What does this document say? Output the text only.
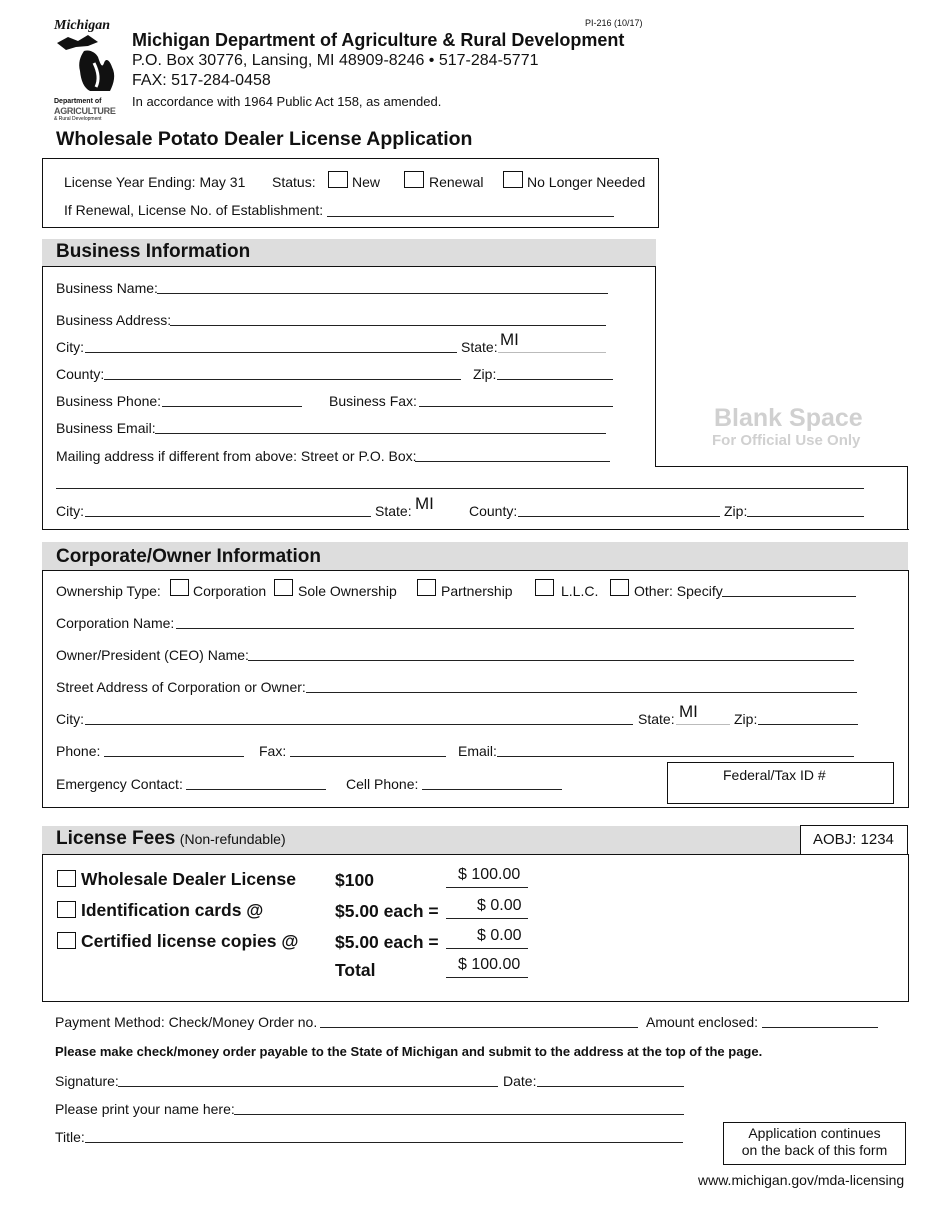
PI-216 (10/17)
Michigan
Department of
AGRICULTURE
& Rural Development
Michigan Department of Agriculture & Rural Development
P.O. Box 30776, Lansing, MI 48909-8246 • 517-284-5771
FAX: 517-284-0458
In accordance with 1964 Public Act 158, as amended.
Wholesale Potato Dealer License Application
License Year Ending: May 31 Status:	New	Renewal	No Longer Needed
If Renewal, License No. of Establishment:
Business Information
Business Name:
Business Address:
City:	State: MI
County:	Zip:
Business Phone:	Business Fax:
Business Email:
Mailing address if different from above: Street or P.O. Box:
City:	State: MI	County:	Zip:
Blank Space
For Official Use Only
Corporate/Owner Information
Ownership Type: Corporation Sole Ownership	Partnership	L.L.C.	Other: Specify
Corporation Name:
Owner/President (CEO) Name:
Street Address of Corporation or Owner:
City:	State: MI	Zip:
Phone:	Fax:	Email:
Emergency Contact:	Cell Phone:
Federal/Tax ID #
License Fees (Non-refundable)	AOBJ: 1234
Wholesale Dealer License $100	$ 100.00
Identification cards @	$5.00 each = $ 0.00
Certified license copies @ $5.00 each = $ 0.00
Total	$ 100.00
Payment Method: Check/Money Order no.	Amount enclosed:
Please make check/money order payable to the State of Michigan and submit to the address at the top of the page.
Signature:	Date:
Please print your name here:
Title:	Application continues
on the back of this form
www.michigan.gov/mda-licensing
